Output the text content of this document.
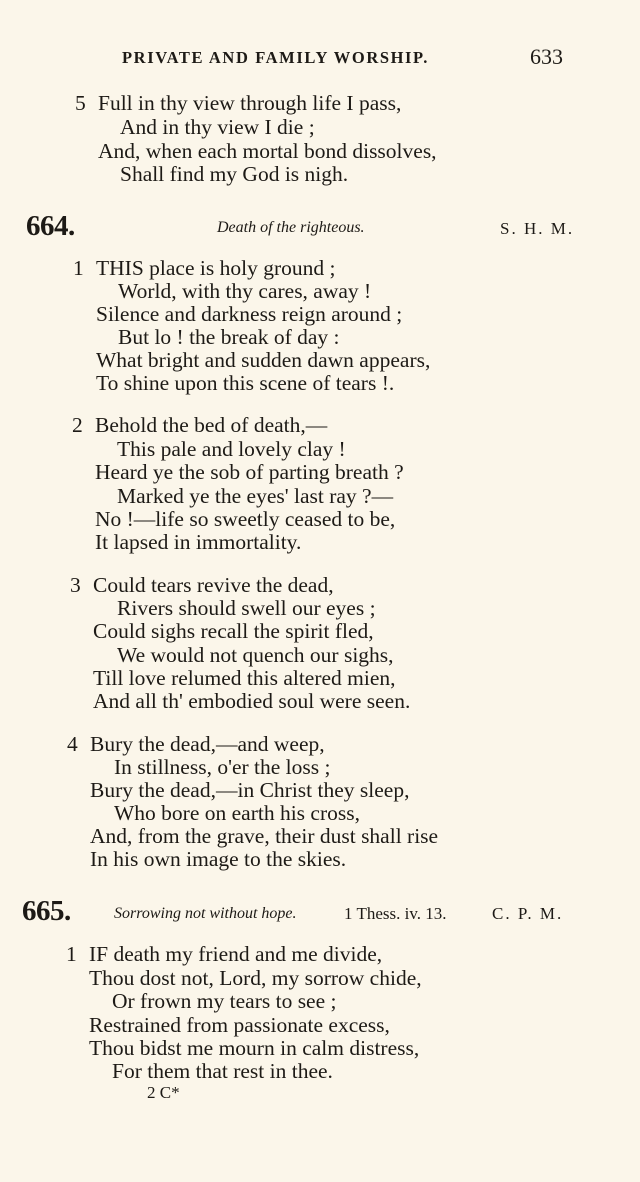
PRIVATE AND FAMILY WORSHIP.	633
5 Full in thy view through life I pass,
And in thy view I die ;
And, when each mortal bond dissolves,
Shall find my God is nigh.
664.	Death of the righteous.	S. H. M.
1 THIS place is holy ground ;
World, with thy cares, away !
Silence and darkness reign around ;
But lo ! the break of day :
What bright and sudden dawn appears,
To shine upon this scene of tears !.
2 Behold the bed of death,—
This pale and lovely clay !
Heard ye the sob of parting breath ?
Marked ye the eyes' last ray ?—
No !—life so sweetly ceased to be,
It lapsed in immortality.
3 Could tears revive the dead,
Rivers should swell our eyes ;
Could sighs recall the spirit fled,
We would not quench our sighs,
Till love relumed this altered mien,
And all th' embodied soul were seen.
4 Bury the dead,—and weep,
In stillness, o'er the loss ;
Bury the dead,—in Christ they sleep,
Who bore on earth his cross,
And, from the grave, their dust shall rise
In his own image to the skies.
665.	Sorrowing not without hope.	1 Thess. iv. 13.	C. P. M.
1 IF death my friend and me divide,
Thou dost not, Lord, my sorrow chide,
Or frown my tears to see ;
Restrained from passionate excess,
Thou bidst me mourn in calm distress,
For them that rest in thee.
2 C*
